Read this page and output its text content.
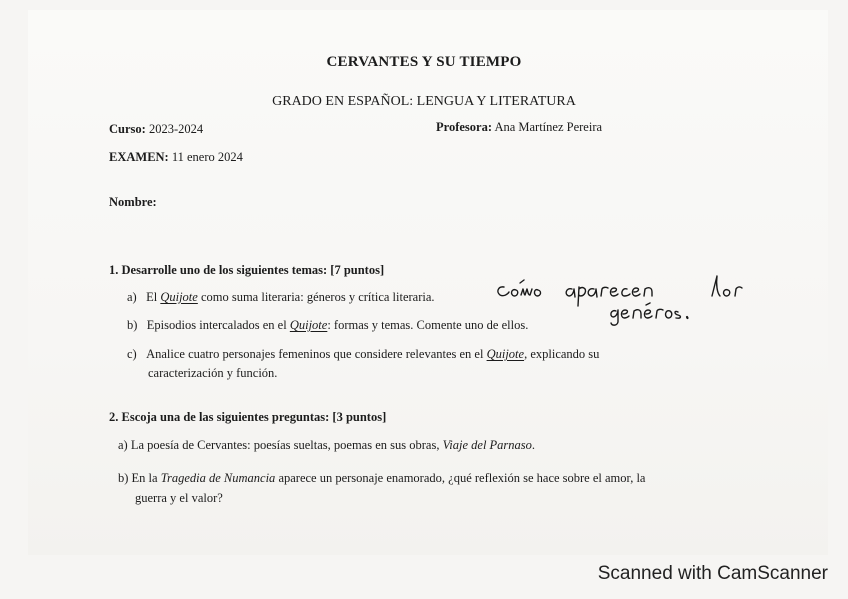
CERVANTES Y SU TIEMPO
GRADO EN ESPAÑOL: LENGUA Y LITERATURA
Curso: 2023-2024	Profesora: Ana Martínez Pereira
EXAMEN: 11 enero 2024
Nombre:
1. Desarrolle uno de los siguientes temas: [7 puntos]
a) El Quijote como suma literaria: géneros y crítica literaria.
b) Episodios intercalados en el Quijote: formas y temas. Comente uno de ellos.
c) Analice cuatro personajes femeninos que considere relevantes en el Quijote, explicando su
caracterización y función.
2. Escoja una de las siguientes preguntas: [3 puntos]
a) La poesía de Cervantes: poesías sueltas, poemas en sus obras, Viaje del Parnaso.
b) En la Tragedia de Numancia aparece un personaje enamorado, ¿qué reflexión se hace sobre el amor, la
guerra y el valor?
Scanned with CamScanner
